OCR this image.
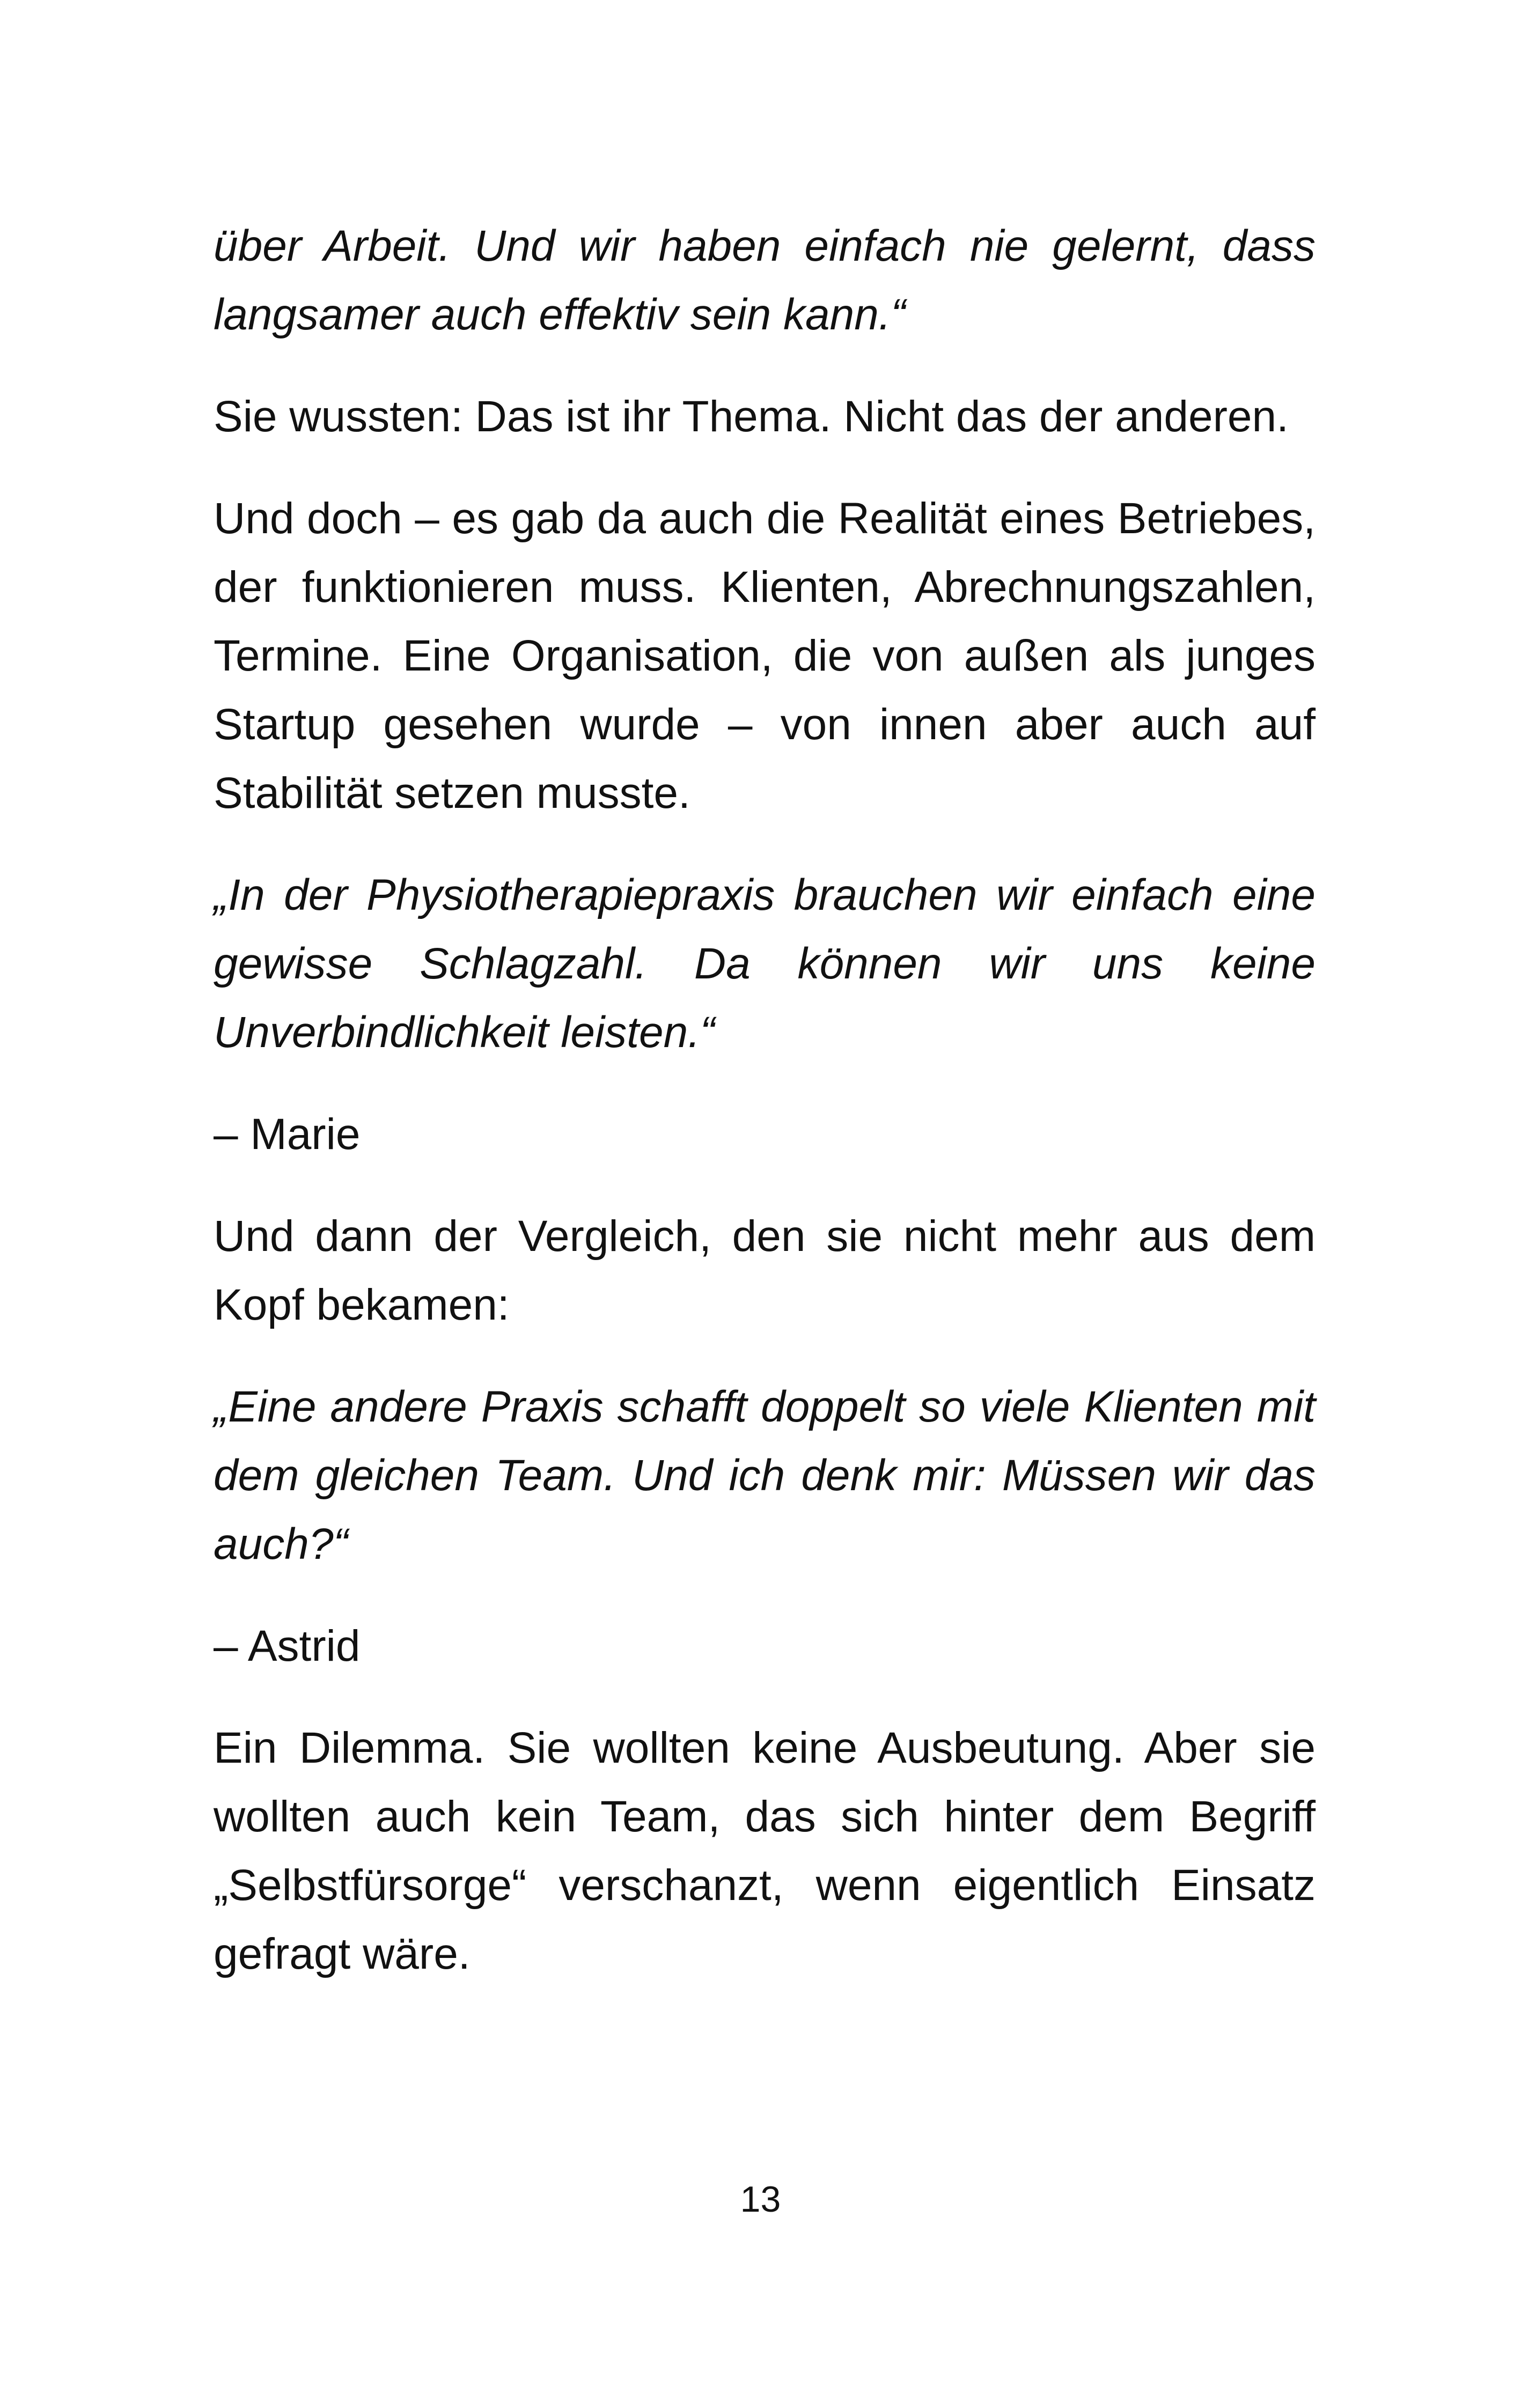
über Arbeit. Und wir haben einfach nie gelernt, dass langsamer auch effektiv sein kann.“

Sie wussten: Das ist ihr Thema. Nicht das der anderen.

Und doch – es gab da auch die Realität eines Betriebes, der funktionieren muss. Klienten, Abrechnungszahlen, Termine. Eine Organisation, die von außen als junges Startup gesehen wurde – von innen aber auch auf Stabilität setzen musste.

„In der Physiotherapiepraxis brauchen wir einfach eine gewisse Schlagzahl. Da können wir uns keine Unverbindlichkeit leisten.“

– Marie

Und dann der Vergleich, den sie nicht mehr aus dem Kopf bekamen:

„Eine andere Praxis schafft doppelt so viele Klienten mit dem gleichen Team. Und ich denk mir: Müssen wir das auch?“

– Astrid

Ein Dilemma. Sie wollten keine Ausbeutung. Aber sie wollten auch kein Team, das sich hinter dem Begriff „Selbstfürsorge“ verschanzt, wenn eigentlich Einsatz gefragt wäre.

13
